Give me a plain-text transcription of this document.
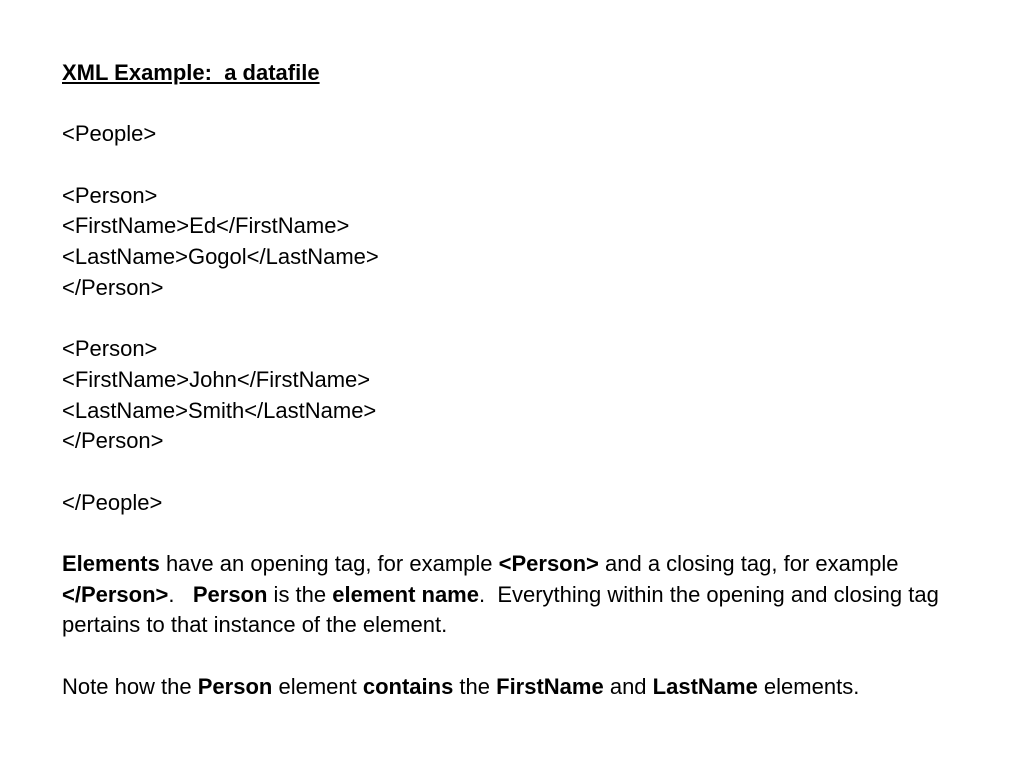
XML Example:  a datafile
<People>
<Person>
<FirstName>Ed</FirstName>
<LastName>Gogol</LastName>
</Person>
<Person>
<FirstName>John</FirstName>
<LastName>Smith</LastName>
</Person>
</People>
Elements have an opening tag, for example <Person> and a closing tag, for example </Person>.   Person is the element name.  Everything within the opening and closing tag pertains to that instance of the element.
Note how the Person element contains the FirstName and LastName elements.
